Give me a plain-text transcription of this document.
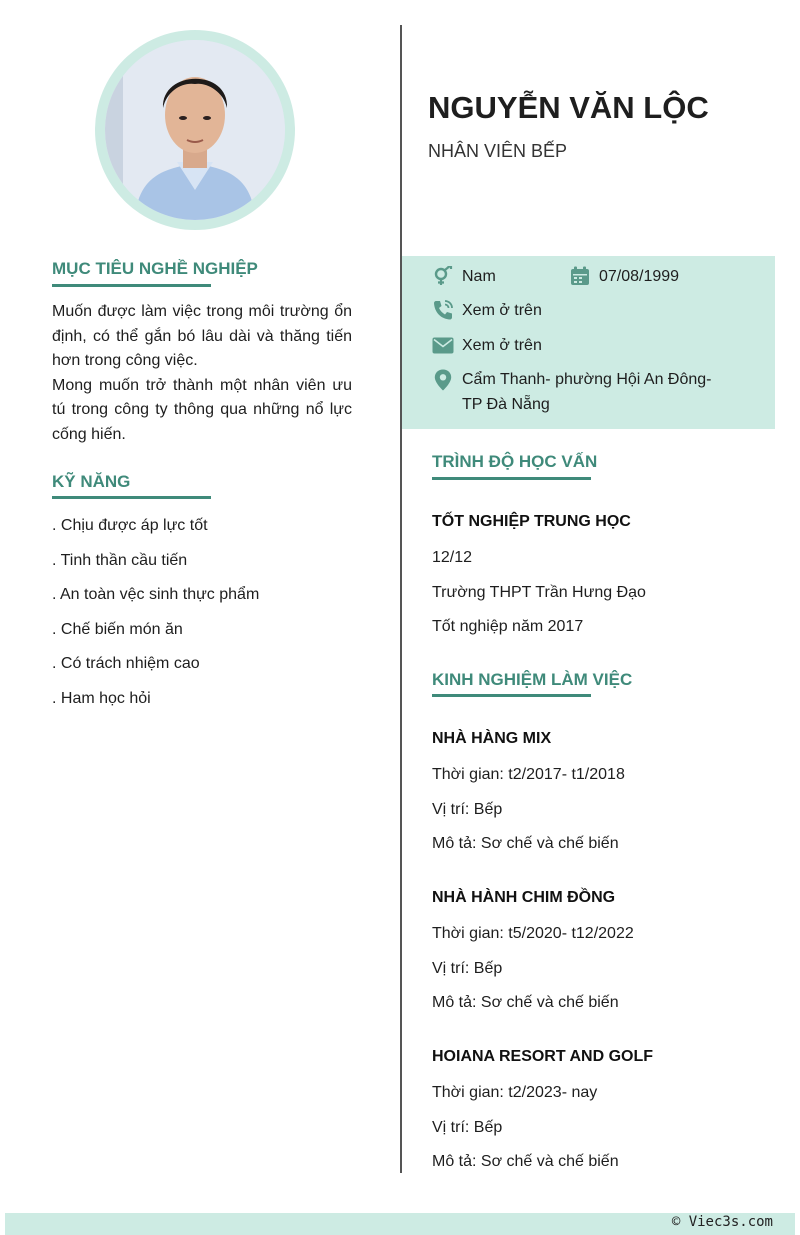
MỤC TIÊU NGHỀ NGHIỆP

Muốn được làm việc trong môi trường ổn định, có thể gắn bó lâu dài và thăng tiến hơn trong công việc.

Mong muốn trở thành một nhân viên ưu tú trong công ty thông qua những nổ lực cống hiến.

KỸ NĂNG
. Chịu được áp lực tốt
. Tinh thần cầu tiến
. An toàn vệc sinh thực phẩm
. Chế biến món ăn
. Có trách nhiệm cao
. Ham học hỏi
NGUYỄN VĂN LỘC
NHÂN VIÊN BẾP
Nam	07/08/1999
Xem ở trên
Xem ở trên
Cẩm Thanh- phường Hội An Đông-
TP Đà Nẵng
TRÌNH ĐỘ HỌC VẤN
TỐT NGHIỆP TRUNG HỌC
12/12
Trường THPT Trần Hưng Đạo
Tốt nghiệp năm 2017
KINH NGHIỆM LÀM VIỆC
NHÀ HÀNG MIX
Thời gian: t2/2017- t1/2018
Vị trí: Bếp
Mô tả: Sơ chế và chế biến
NHÀ HÀNH CHIM ĐỒNG
Thời gian: t5/2020- t12/2022
Vị trí: Bếp
Mô tả: Sơ chế và chế biến
HOIANA RESORT AND GOLF
Thời gian: t2/2023- nay
Vị trí: Bếp
Mô tả: Sơ chế và chế biến
© Viec3s.com
